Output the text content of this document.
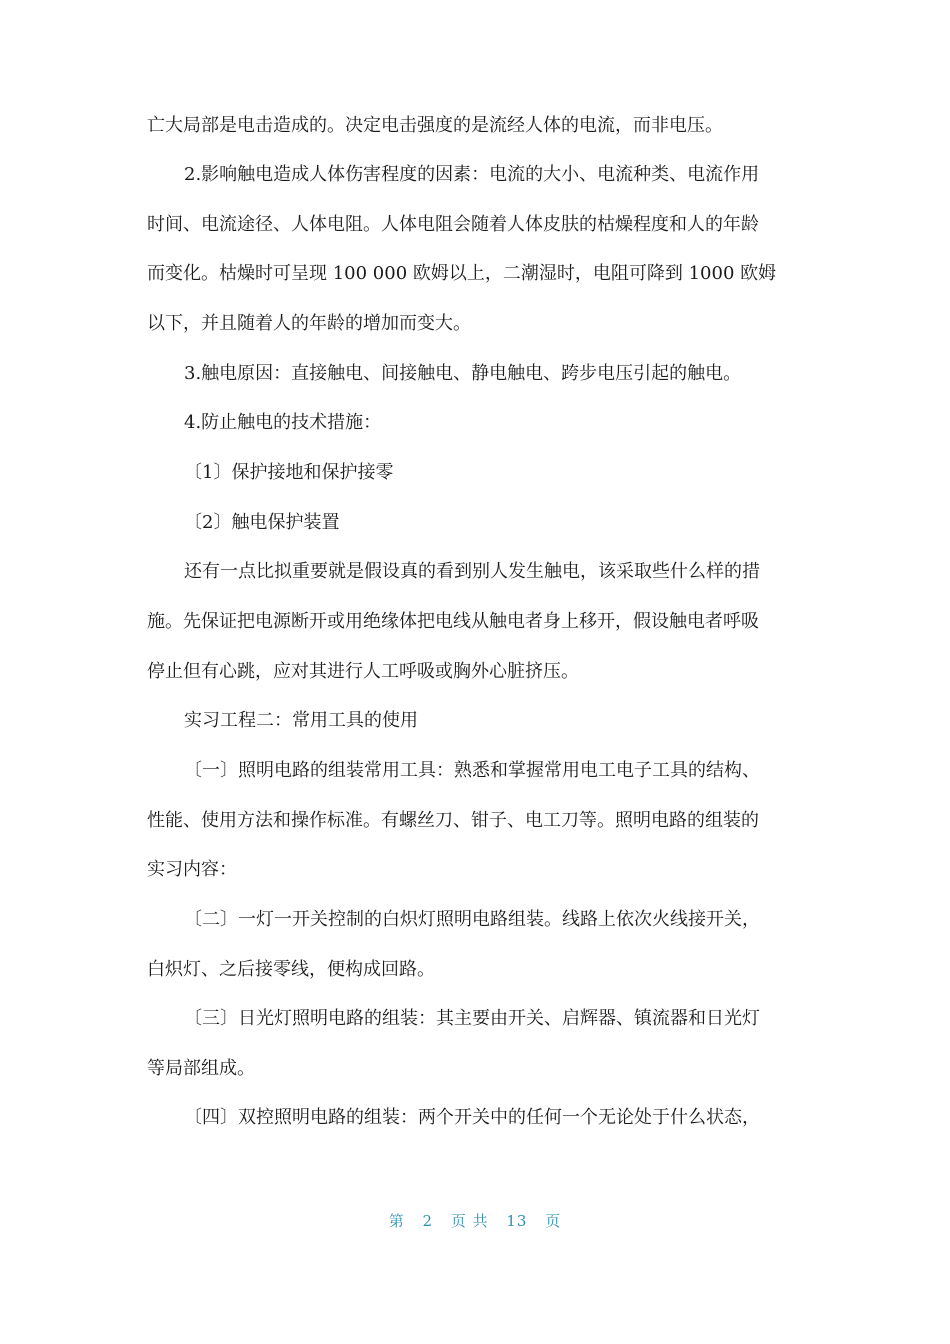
亡大局部是电击造成的。决定电击强度的是流经人体的电流，而非电压。
2.影响触电造成人体伤害程度的因素：电流的大小、电流种类、电流作用
时间、电流途径、人体电阻。人体电阻会随着人体皮肤的枯燥程度和人的年龄
而变化。枯燥时可呈现 100 000 欧姆以上，二潮湿时，电阻可降到 1000 欧姆
以下，并且随着人的年龄的增加而变大。
3.触电原因：直接触电、间接触电、静电触电、跨步电压引起的触电。
4.防止触电的技术措施：
〔1〕保护接地和保护接零
〔2〕触电保护装置
还有一点比拟重要就是假设真的看到别人发生触电，该采取些什么样的措
施。先保证把电源断开或用绝缘体把电线从触电者身上移开，假设触电者呼吸
停止但有心跳，应对其进行人工呼吸或胸外心脏挤压。
实习工程二：常用工具的使用
〔一〕照明电路的组装常用工具：熟悉和掌握常用电工电子工具的结构、
性能、使用方法和操作标准。有螺丝刀、钳子、电工刀等。照明电路的组装的
实习内容：
〔二〕一灯一开关控制的白炽灯照明电路组装。线路上依次火线接开关，
白炽灯、之后接零线，便构成回路。
〔三〕日光灯照明电路的组装：其主要由开关、启辉器、镇流器和日光灯
等局部组成。
〔四〕双控照明电路的组装：两个开关中的任何一个无论处于什么状态，
第 2 页 共 13 页
